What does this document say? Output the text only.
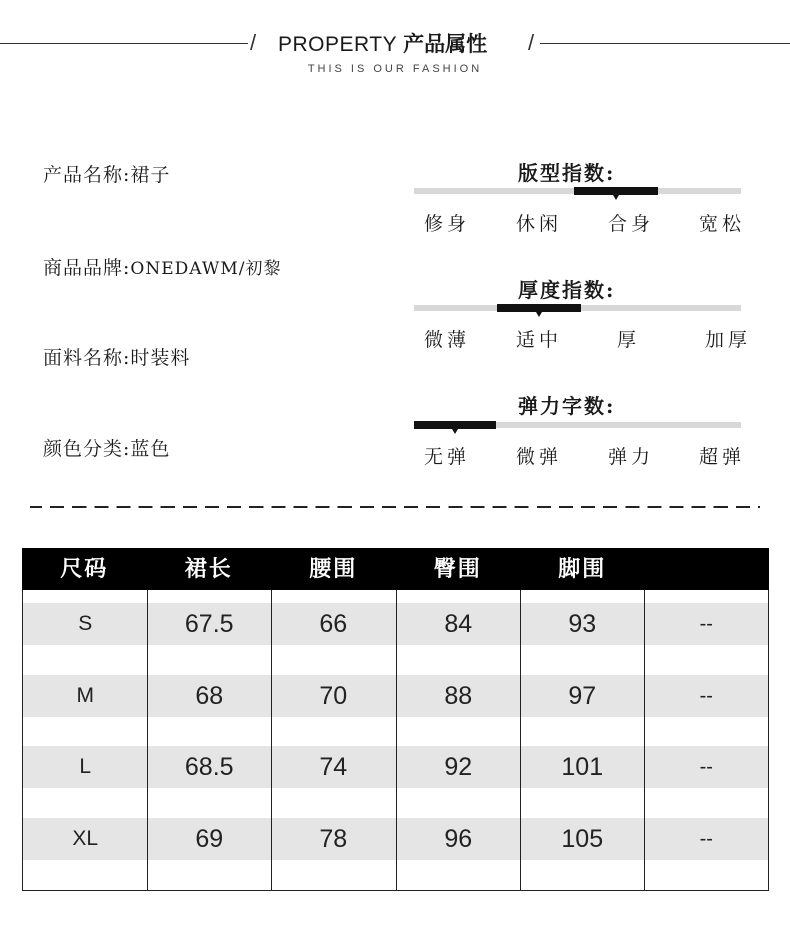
/ PROPERTY 产品属性 /
THIS IS OUR FASHION
产品名称:裙子
商品品牌:ONEDAWM/初黎
面料名称:时装料
颜色分类:蓝色
版型指数:
修身 休闲 合身 宽松
厚度指数:
微薄 适中	厚	加厚
弹力字数:
无弹 微弹 弹力 超弹
尺码	裙长	腰围	臀围	脚围
S	67.5	66	84	93	--
M	68	70	88	97	--
L	68.5	74	92	101	--
XL	69	78	96	105	--
